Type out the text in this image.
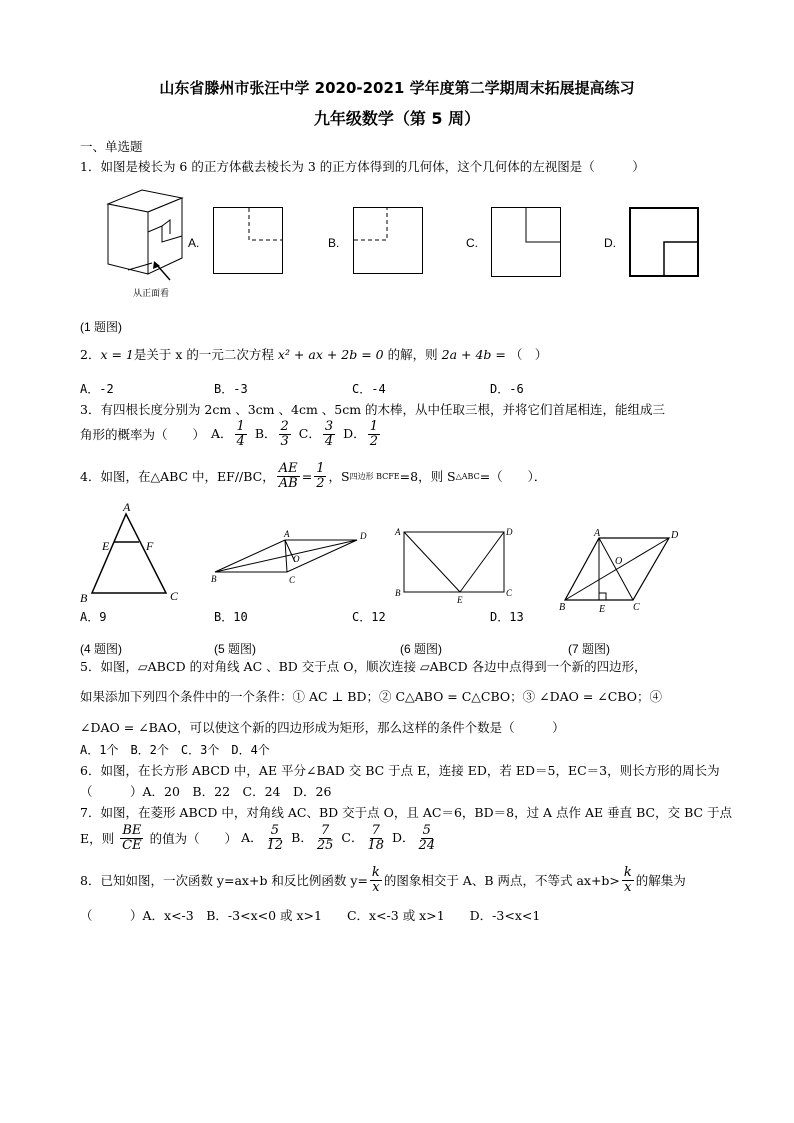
山东省滕州市张汪中学 2020-2021 学年度第二学期周末拓展提高练习
九年级数学（第 5 周）
一、单选题
1．如图是棱长为 6 的正方体截去棱长为 3 的正方体得到的几何体，这个几何体的左视图是（　　　）
从正面看
A.	B.	C.	D.
(1 题图)
2．x = 1是关于 x 的一元二次方程 x² + ax + 2b = 0 的解，则 2a + 4b = （　）
A．-2	B．-3	C．-4	D．-6
3．有四根长度分别为 2cm 、3cm 、4cm 、5cm 的木棒，从中任取三根，并将它们首尾相连，能组成三
角形的概率为（　　） A． $\frac{1}{4}$ B． $\frac{2}{3}$ C． $\frac{3}{4}$ D． $\frac{1}{2}$
4．如图，在△ABC 中，EF//BC， $\frac{AE}{AB} = \frac{1}{2}$ ，S 四边形 BCFE =8，则 S △ABC =（　　）．
A
E	F
B	C
A	D
O
B	C
A	D
B
E
C
A	D
O
B	E	C
A．9	B．10	C．12	D．13
(4 题图)	(5 题图)	(6 题图)	(7 题图)
5．如图，▱ABCD 的对角线 AC 、BD 交于点 O，顺次连接 ▱ABCD 各边中点得到一个新的四边形，
如果添加下列四个条件中的一个条件：① AC ⊥ BD；② C△ABO = C△CBO；③ ∠DAO = ∠CBO；④
∠DAO = ∠BAO，可以使这个新的四边形成为矩形，那么这样的条件个数是（　　　）
A．1个　B．2个　C．3个　D．4个
6．如图，在长方形 ABCD 中，AE 平分∠BAD 交 BC 于点 E，连接 ED，若 ED＝5，EC＝3，则长方形的周长为
（　　　）A．20　B．22　C．24　D．26
7．如图，在菱形 ABCD 中，对角线 AC、BD 交于点 O，且 AC＝6，BD＝8，过 A 点作 AE 垂直 BC，交 BC 于点
E，则 $\frac{BE}{CE}$ 的值为（　　） A． $\frac{5}{12}$ B． $\frac{7}{25}$ C． $\frac{7}{18}$ D． $\frac{5}{24}$
8．已知如图，一次函数 y=ax+b 和反比例函数 $y= \frac{k}{x}$ 的图象相交于 A、B 两点，不等式 $ax+b> \frac{k}{x}$ 的解集为
（　　　）A．x<-3　B．-3<x<0 或 x>1　　C．x<-3 或 x>1　　D．-3<x<1
